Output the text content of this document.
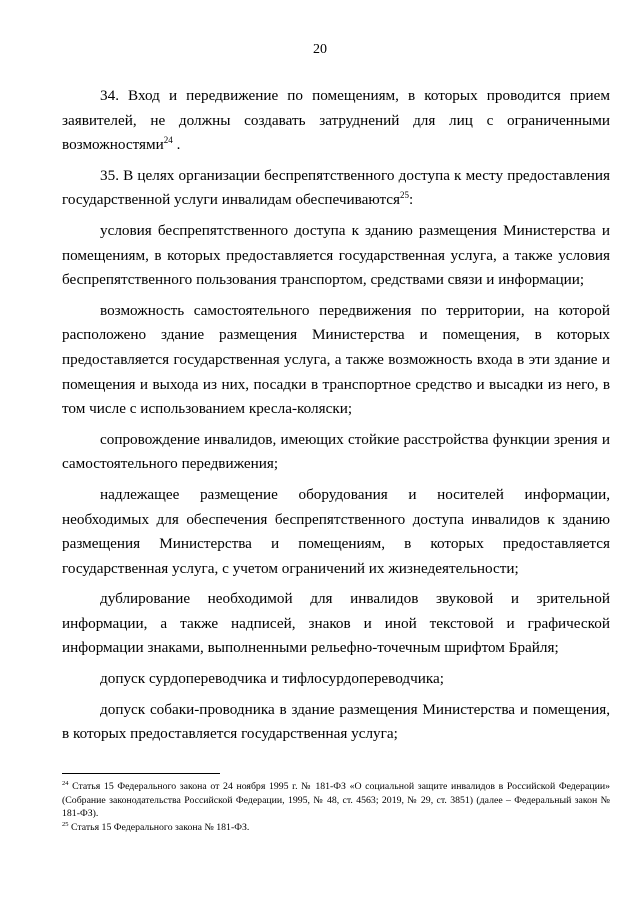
20

34. Вход и передвижение по помещениям, в которых проводится прием заявителей, не должны создавать затруднений для лиц с ограниченными возможностями$^{24}$ .

35. В целях организации беспрепятственного доступа к месту предоставления государственной услуги инвалидам обеспечиваются$^{25}$:

условия беспрепятственного доступа к зданию размещения Министерства и помещениям, в которых предоставляется государственная услуга, а также условия беспрепятственного пользования транспортом, средствами связи и информации;

возможность самостоятельного передвижения по территории, на которой расположено здание размещения Министерства и помещения, в которых предоставляется государственная услуга, а также возможность входа в эти здание и помещения и выхода из них, посадки в транспортное средство и высадки из него, в том числе с использованием кресла-коляски;

сопровождение инвалидов, имеющих стойкие расстройства функции зрения и самостоятельного передвижения;

надлежащее размещение оборудования и носителей информации, необходимых для обеспечения беспрепятственного доступа инвалидов к зданию размещения Министерства и помещениям, в которых предоставляется государственная услуга, с учетом ограничений их жизнедеятельности;

дублирование необходимой для инвалидов звуковой и зрительной информации, а также надписей, знаков и иной текстовой и графической информации знаками, выполненными рельефно-точечным шрифтом Брайля;

допуск сурдопереводчика и тифлосурдопереводчика;

допуск собаки-проводника в здание размещения Министерства и помещения, в которых предоставляется государственная услуга;

$^{24}$ Статья 15 Федерального закона от 24 ноября 1995 г. № 181-ФЗ «О социальной защите инвалидов в Российской Федерации» (Собрание законодательства Российской Федерации, 1995, № 48, ст. 4563; 2019, № 29, ст. 3851) (далее – Федеральный закон № 181-ФЗ).

$^{25}$ Статья 15 Федерального закона № 181-ФЗ.
